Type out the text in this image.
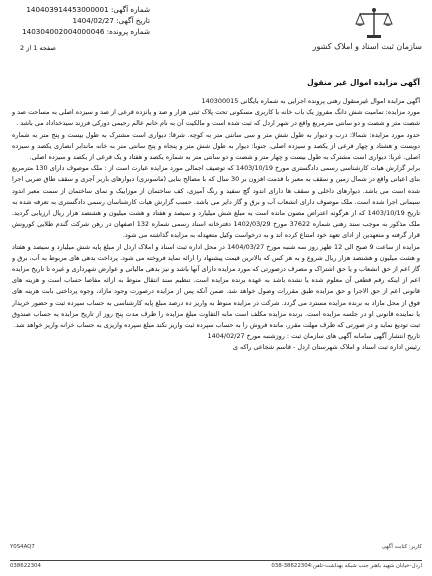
شماره آگهی: 140403914453000001
تاریخ آگهی: 1404/02/27
شماره پرونده: 140304002004000046
صفحه 1 از 2	سازمان ثبت اسناد و املاک کشور
آگهی مزایده اموال غیر منقول

آگهی مزایده اموال غیرمنقول رهنی پرونده اجرایی به شماره بایگانی 140300015

مورد مزایده: تمامیت شش دانگ مفروز یک باب خانه با کاربری مسکونی تحت پلاک ثبتی هزار و صد و پانزده فرعی از صد و سیزده اصلی به مساحت صد و شصت متر و شصت و دو سانتی مترمربع واقع در شهر اردل که ثبت شده است و مالکیت آن به نام خانم عالم رحیمی دورکی فرزند سیدخداداد می باشد .

حدود مورد مزایده: شمالا: درب و دیوار به طول شش متر و سی سانتی متر به کوچه. شرقا: دیواری است مشترک به طول بیست و پنج متر به شماره دویست و هشتاد و چهار فرعی از یکصد و سیزده اصلی. جنوبا: دیوار به طول شش متر و پنجاه و پنج سانتی متر به خانه ماندابر انصاری یکصد و سیزده اصلی. غربا: دیواری است مشترک به طول بیست و چهار متر و شصت و دو سانتی متر به شماره یکصد و هفتاد و یک فرعی از یکصد و سیزده اصلی.

برابر گزارش هیات کارشناسی رسمی دادگستری مورخ 1403/10/19 که توصیف اجمالی مورد مزایده عبارت است از : ملک موصوف دارای 130 مترمربع بنای اعیانی واقع در شمال زمین و سقف به معبر با قدمت افزون بر 30 سال که با مصالح بنایی (ماسونری) دیوارهای باربر آجری و سقف طاق ضربی اجرا شده است می باشد. دیوارهای داخلی و سقف ها دارای اندود گچ سفید و رنگ آمیزی، کف ساختمان از موزاییک و نمای ساختمان از سمت معبر اندود سیمانی اجرا شده است. ملک موصوف دارای انشعاب آب و برق و گاز دایر می باشد. حسب گزارش هیات کارشناسان رسمی دادگستری به تعرفه شده به تاریخ 1403/10/19 که از هرگونه اعتراض مصون مانده است به مبلغ شش میلیارد و سیصد و هفتاد و هشت میلیون و هشتصد هزار ریال ارزیابی گردید. ملک مذکور به موجب سند رهنی شماره 37622 مورخ 1402/03/29 دفترخانه اسناد رسمی شماره 132 اصفهان در رهن شرکت گندم طلایی کورونش قرار گرفته و متعهدین از ادای تعهد خود امتناع کرده اند و به درخواست وکیل متعهدله به مزایده گذاشته می شود.

مزایده از ساعت 9 صبح الی 12 ظهر روز سه شنبه مورخ 1404/03/27 در محل اداره ثبت اسناد و املاک اردل از مبلغ پایه شش میلیارد و سیصد و هفتاد و هشت میلیون و هشتصد هزار ریال شروع و به هر کس که بالاترین قیمت پیشنهاد را ارائه نماید فروخته می شود. پرداخت بدهی های مربوط به آب، برق و گاز اعم از حق انشعاب و یا حق اشتراک و مصرف درصورتی که مورد مزایده دارای آنها باشد و نیز بدهی مالیاتی و عوارض شهرداری و غیره تا تاریخ مزایده اعم از اینکه رقم قطعی آن معلوم شده یا نشده باشد به عهده برنده مزایده است. تنظیم سند انتقال منوط به ارائه مفاصا حساب است و هزینه های قانونی اعم از حق الاجرا و حق مزایده طبق مقررات وصول خواهد شد. ضمن آنکه پس از مزایده درصورت وجود مازاد، وجوه پرداختی بابت هزینه های فوق از محل مازاد به برنده مزایده مسترد می گردد. شرکت در مزایده منوط به واریز ده درصد مبلغ پایه کارشناسی به حساب سپرده ثبت و حضور خریدار یا نماینده قانونی او در جلسه مزایده است. برنده مزایده مکلف است مابه التفاوت مبلغ مزایده را ظرف مدت پنج روز از تاریخ مزایده به حساب صندوق ثبت تودیع نماید و در صورتی که ظرف مهلت مقرر، مانده فروش را به حساب سپرده ثبت واریز نکند مبلغ سپرده واریزی به حساب خزانه واریز خواهد شد.

تاریخ انتشار آگهی سامانه آگهی های سازمان ثبت : روزشنبه مورخ 1404/02/27

رئیس اداره ثبت اسناد و املاک شهرستان اردل - قاسم شجاعی راکه ی

کاربر: کتابت آگهی
Y0S4AQ7
اردل-خیابان شهید باهنر جنب شبکه بهداشت-تلفن:38622304-038
038622304
